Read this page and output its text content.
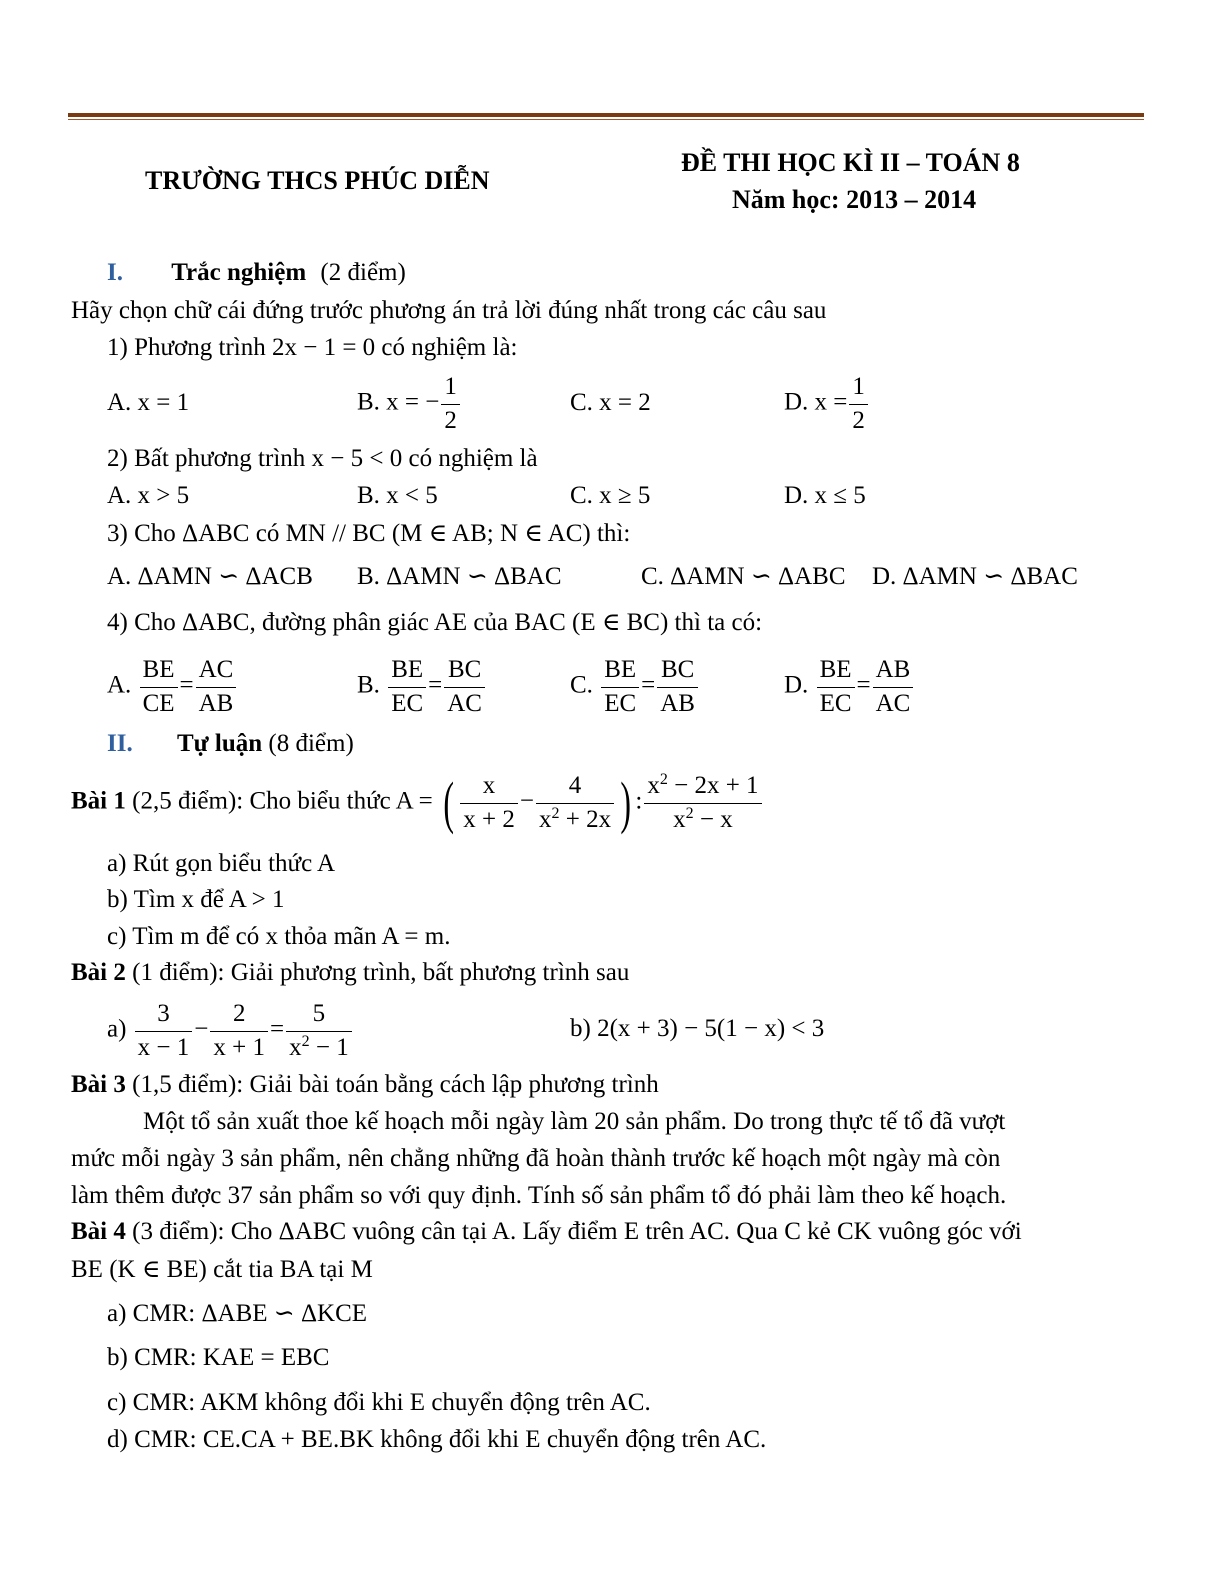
TRƯỜNG THCS PHÚC DIỄN
ĐỀ THI HỌC KÌ II – TOÁN 8
Năm học: 2013 – 2014
I. Trắc nghiệm (2 điểm)
Hãy chọn chữ cái đứng trước phương án trả lời đúng nhất trong các câu sau
1) Phương trình 2x − 1 = 0 có nghiệm là:
A. x = 1	B. x = − $\frac{1}{2}$	C. x = 2	D. $x = \frac{1}{2}$
2) Bất phương trình x − 5 < 0 có nghiệm là
A. x > 5	B. x < 5	C. x ≥ 5	D. x ≤ 5
3) Cho ΔABC có MN // BC (M ∈ AB; N ∈ AC) thì:
A. ΔAMN ∽ ΔACB B. ΔAMN ∽ ΔBAC	C. ΔAMN ∽ ΔABC D. ΔAMN ∽ ΔBAC
4) Cho ΔABC, đường phân giác AE của BAC (E ∈ BC) thì ta có:
A. $\frac{BE}{CE} = \frac{AC}{AB}$	B. $\frac{BE}{EC} = \frac{BC}{AC}$	C. $\frac{BE}{EC} = \frac{BC}{AB}$	D. $\frac{BE}{EC} = \frac{AB}{AC}$
II. Tự luận (8 điểm)
Bài 1 (2,5 điểm): Cho biểu thức A = ( $\frac{x}{x + 2} - \frac{4}{x^2 + 2x}$ ) : $\frac{x^2 - 2x + 1}{x^2 - x}$
a) Rút gọn biểu thức A
b) Tìm x để A > 1
c) Tìm m để có x thỏa mãn A = m.
Bài 2 (1 điểm): Giải phương trình, bất phương trình sau
$a) \frac{3}{x - 1} - \frac{2}{x + 1} = \frac{5}{x^2 - 1}$	b) 2(x + 3) − 5(1 − x) < 3
Bài 3 (1,5 điểm): Giải bài toán bằng cách lập phương trình
Một tổ sản xuất thoe kế hoạch mỗi ngày làm 20 sản phẩm. Do trong thực tế tổ đã vượt
mức mỗi ngày 3 sản phẩm, nên chẳng những đã hoàn thành trước kế hoạch một ngày mà còn
làm thêm được 37 sản phẩm so với quy định. Tính số sản phẩm tổ đó phải làm theo kế hoạch.
Bài 4 (3 điểm): Cho ΔABC vuông cân tại A. Lấy điểm E trên AC. Qua C kẻ CK vuông góc với
BE (K ∈ BE) cắt tia BA tại M
a) CMR: ΔABE ∽ ΔKCE
b) CMR: KAE = EBC
c) CMR: AKM không đổi khi E chuyển động trên AC.
d) CMR: CE.CA + BE.BK không đổi khi E chuyển động trên AC.
